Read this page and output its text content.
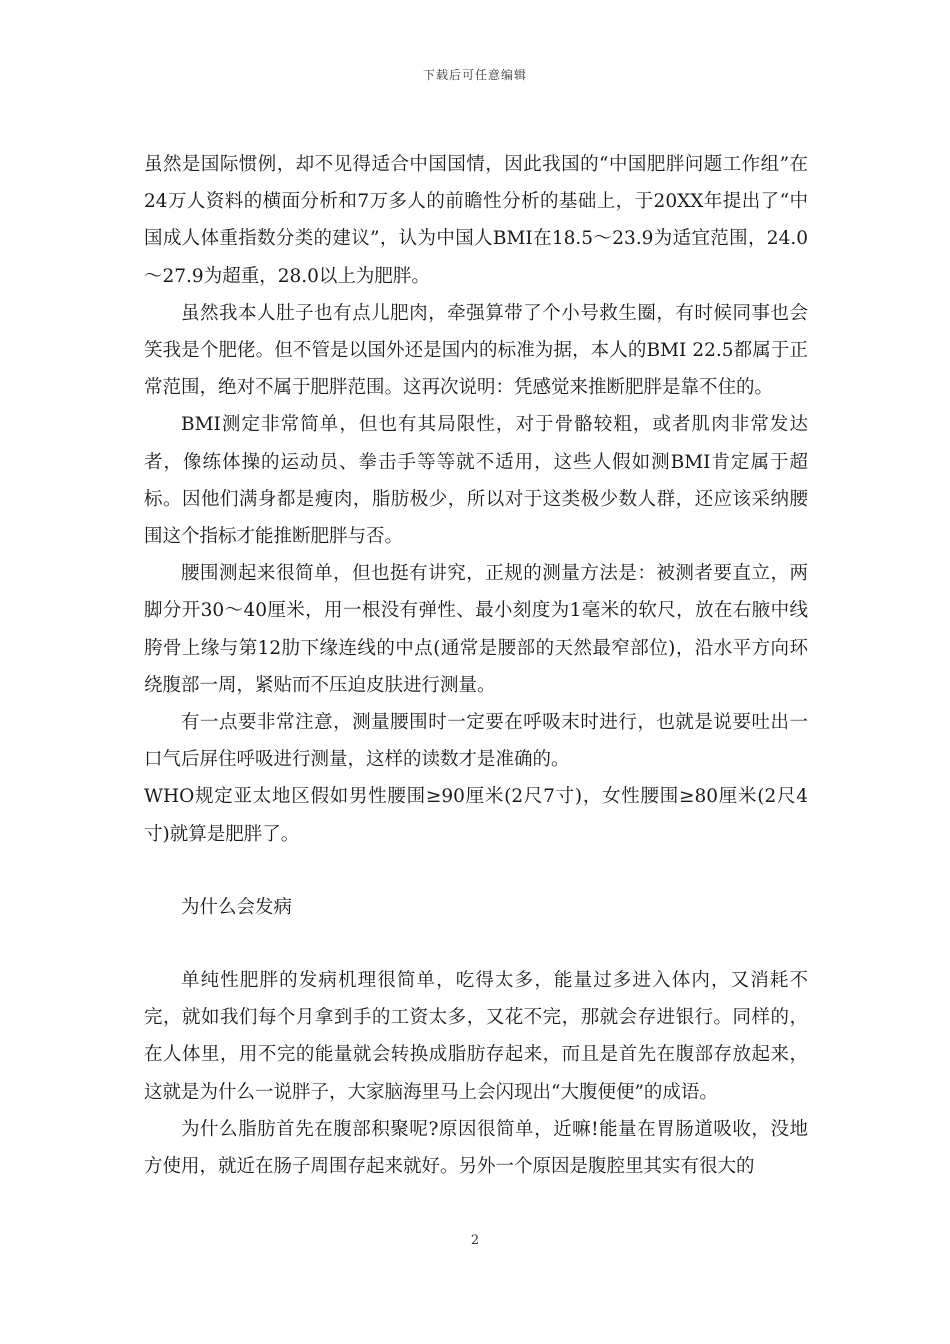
下载后可任意编辑

虽然是国际惯例，却不见得适合中国国情，因此我国的“中国肥胖问题工作组”在24万人资料的横面分析和7万多人的前瞻性分析的基础上，于20XX年提出了“中国成人体重指数分类的建议”，认为中国人BMI在18.5～23.9为适宜范围，24.0～27.9为超重，28.0以上为肥胖。

虽然我本人肚子也有点儿肥肉，牵强算带了个小号救生圈，有时候同事也会笑我是个肥佬。但不管是以国外还是国内的标准为据，本人的BMI 22.5都属于正常范围，绝对不属于肥胖范围。这再次说明：凭感觉来推断肥胖是靠不住的。

BMI测定非常简单，但也有其局限性，对于骨骼较粗，或者肌肉非常发达者，像练体操的运动员、拳击手等等就不适用，这些人假如测BMI肯定属于超标。因他们满身都是瘦肉，脂肪极少，所以对于这类极少数人群，还应该采纳腰围这个指标才能推断肥胖与否。

腰围测起来很简单，但也挺有讲究，正规的测量方法是：被测者要直立，两脚分开30～40厘米，用一根没有弹性、最小刻度为1毫米的软尺，放在右腋中线胯骨上缘与第12肋下缘连线的中点(通常是腰部的天然最窄部位)，沿水平方向环绕腹部一周，紧贴而不压迫皮肤进行测量。

有一点要非常注意，测量腰围时一定要在呼吸末时进行，也就是说要吐出一口气后屏住呼吸进行测量，这样的读数才是准确的。

WHO规定亚太地区假如男性腰围≥90厘米(2尺7寸)，女性腰围≥80厘米(2尺4寸)就算是肥胖了。

为什么会发病

单纯性肥胖的发病机理很简单，吃得太多，能量过多进入体内，又消耗不完，就如我们每个月拿到手的工资太多，又花不完，那就会存进银行。同样的，在人体里，用不完的能量就会转换成脂肪存起来，而且是首先在腹部存放起来，这就是为什么一说胖子，大家脑海里马上会闪现出“大腹便便”的成语。

为什么脂肪首先在腹部积聚呢?原因很简单，近嘛!能量在胃肠道吸收，没地方使用，就近在肠子周围存起来就好。另外一个原因是腹腔里其实有很大的

2
